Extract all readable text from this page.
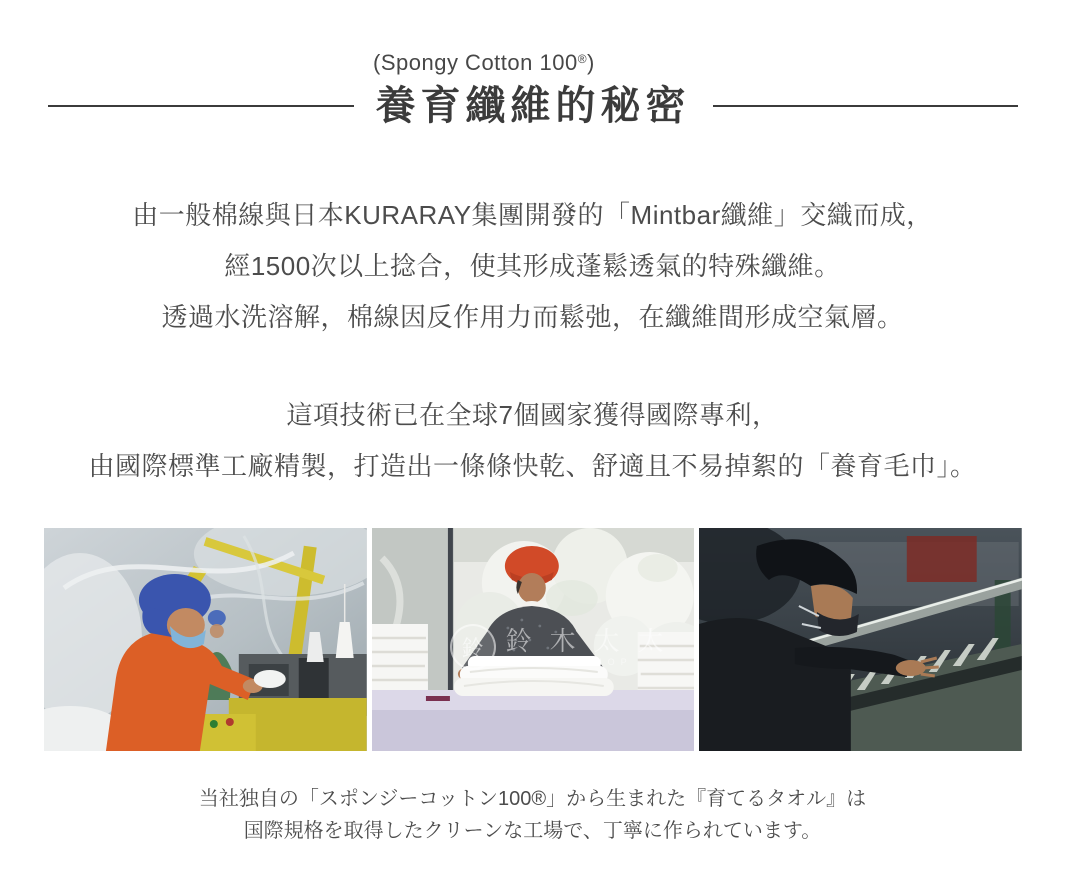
(Spongy Cotton 100®)
養育纖維的秘密
由一般棉線與日本KURARAY集團開發的「Mintbar纖維」交織而成，
經1500次以上捻合，使其形成蓬鬆透氣的特殊纖維。
透過水洗溶解，棉線因反作用力而鬆弛，在纖維間形成空氣層。
這項技術已在全球7個國家獲得國際專利，
由國際標準工廠精製，打造出一條條快乾、舒適且不易掉絮的「養育毛巾」。
鈴 鈴木太太
SUZUKI SHOP
当社独自の「スポンジーコットン100®」から生まれた『育てるタオル』は
国際規格を取得したクリーンな工場で、丁寧に作られています。
